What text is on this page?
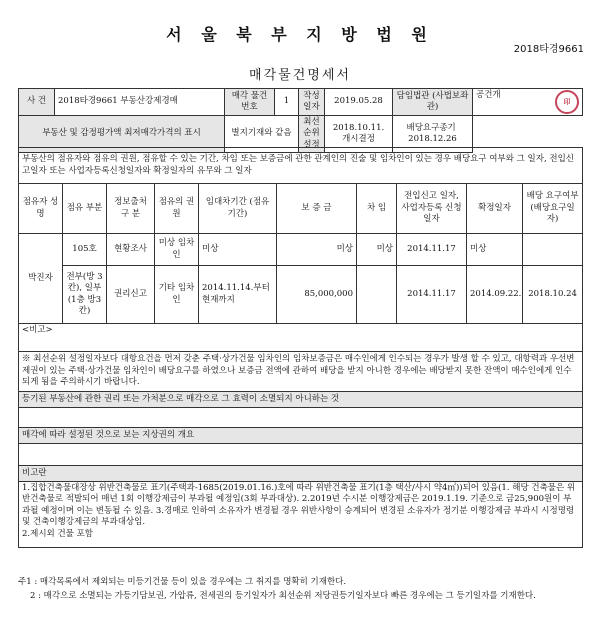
서 울 북 부 지 방 법 원
2018타경9661
매각물건명세서
사 건	2018타경9661 부동산강제경매	매각 물건번호	1	작성 일자	2019.05.28	담임법관 (사법보좌관)	공건개
印

부동산 및 감정평가액 최저매각가격의 표시		별지기재와 같음		최선순위 설정	2018.10.11. 개시결정	배당요구종기  2018.12.26	
부동산의 점유자와 점유의 권원, 점유할 수 있는 기간, 차임 또는 보증금에 관한 관계인의 진술 및 임차인이 있는 경우 배당요구 여부와 그 일자, 전입신고일자 또는 사업자등록신청일자와 확정일자의 유무와 그 일자									
점유자 성 명	점유 부분	정보출처 구 분	점유의 권 원	임대차기간 (점유기간)	보 증 금	차 임	전입신고 일자, 사업자등록 신청일자	확정일자	배당 요구여부 (배당요구일자)
박진자	105호	현황조사	미상 임차인	미상	미상	미상	2014.11.17	미상	
	전부(방 3칸), 일부(1층 방3칸)	권리신고	기타 임차인	2014.11.14.부터 현재까지	85,000,000		2014.11.17	2014.09.22.	2018.10.24
<비고>									

※ 최선순위 설정일자보다 대항요건을 먼저 갖춘 주택·상가건물 임차인의 임차보증금은 매수인에게 인수되는 경우가 발생 할 수 있고, 대항력과 우선변제권이 있는 주택·상가건물 임차인이 배당요구를 하였으나 보증금 전액에 관하여 배당을 받지 아니한 경우에는 배당받지 못한 잔액이 매수인에게 인수되게 됨을 주의하시기 바랍니다.									
등기된 부동산에 관한 권리 또는 가처분으로 매각으로 그 효력이 소멸되지 아니하는 것									

매각에 따라 설정된 것으로 보는 지상권의 개요									

비고란									

1.집합건축물대장상 위반건축물로 표기(주택과-1685(2019.01.16.)호에 따라 위반건축물 표기(1층 택산/사시 약4㎡))되어 있음(1. 해당 건축물은 위반건축물로 적발되어 매년 1회 이행강제금이 부과될 예정임(3회 부과대상). 2.2019년 수시분 이행강제금은 2019.1.19. 기준으로 금25,900원이 부과될 예정이며 이는 변동될 수 있음. 3.경매로 인하여 소유자가 변경될 경우 위반사항이 승계되어 변경된 소유자가 정기분 이행강제금 부과시 시정명령 및 건축이행강제금의 부과대상임.
2.제시외 건물 포함									
주1 : 매각목록에서 제외되는 미등기건물 등이 있을 경우에는 그 취지를 명확히 기재한다.
2 : 매각으로 소멸되는 가등기담보권, 가압류, 전세권의 등기일자가 최선순위 저당권등기일자보다 빠른 경우에는 그 등기일자를 기재한다.
